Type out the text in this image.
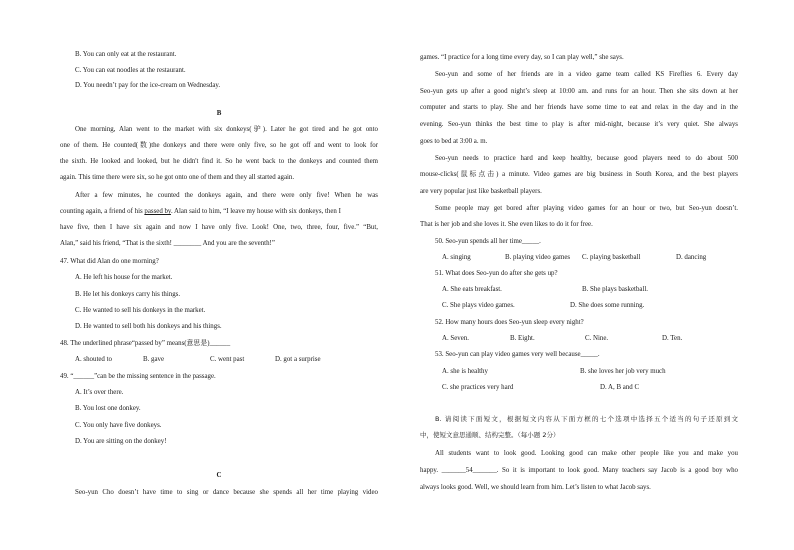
B. You can only eat at the restaurant.
C. You can eat noodles at the restaurant.
D. You needn’t pay for the ice-cream on Wednesday.
B
One morning, Alan went to the market with six donkeys(驴). Later he got tired and he got onto
one of them. He counted(数)the donkeys and there were only five, so he got off and went to look for
the sixth. He looked and looked, but he didn't find it. So he went back to the donkeys and counted them
again. This time there were six, so he got onto one of them and they all started again.
After a few minutes, he counted the donkeys again, and there were only five! When he was
counting again, a friend of his passed by. Alan said to him, “I leave my house with six donkeys, then I
have five, then I have six again and now I have only five. Look! One, two, three, four, five.” “But,
Alan,” said his friend, “That is the sixth! ________ And you are the seventh!”
47. What did Alan do one morning?
A. He left his house for the market.
B. He let his donkeys carry his things.
C. He wanted to sell his donkeys in the market.
D. He wanted to sell both his donkeys and his things.
48. The underlined phrase“passed by” means(意思是)______
A. shouted to	B. gave	C. went past	D. got a surprise
49. “______”can be the missing sentence in the passage.
A. It’s over there.
B. You lost one donkey.
C. You only have five donkeys.
D. You are sitting on the donkey!
C
Seo-yun Cho doesn’t have time to sing or dance because she spends all her time playing video
games. “I practice for a long time every day, so I can play well,” she says.
Seo-yun and some of her friends are in a video game team called KS Fireflies 6. Every day
Seo-yun gets up after a good night’s sleep at 10:00 am. and runs for an hour. Then she sits down at her
computer and starts to play. She and her friends have some time to eat and relax in the day and in the
evening. Seo-yun thinks the best time to play is after mid-night, because it’s very quiet. She always
goes to bed at 3:00 a. m.
Seo-yun needs to practice hard and keep healthy, because good players need to do about 500
mouse-clicks(鼠标点击) a minute. Video games are big business in South Korea, and the best players
are very popular just like basketball players.
Some people may get bored after playing video games for an hour or two, but Seo-yun doesn’t.
That is her job and she loves it. She even likes to do it for free.
50. Seo-yun spends all her time_____.
A. singing	B. playing video games C. playing basketball	D. dancing
51. What does Seo-yun do after she gets up?
A. She eats breakfast.	B. She plays basketball.
C. She plays video games.	D. She does some running.
52. How many hours does Seo-yun sleep every night?
A. Seven.	B. Eight.	C. Nine.	D. Ten.
53. Seo-yun can play video games very well because_____.
A. she is healthy	B. she loves her job very much
C. she practices very hard	D. A, B and C
B. 请阅读下面短文，根据短文内容从下面方框的七个选项中选择五个适当的句子还原到文
中，使短文意思通顺、结构完整。（每小题 2分）
All students want to look good. Looking good can make other people like you and make you
happy. _______54_______. So it is important to look good. Many teachers say Jacob is a good boy who
always looks good. Well, we should learn from him. Let’s listen to what Jacob says.
